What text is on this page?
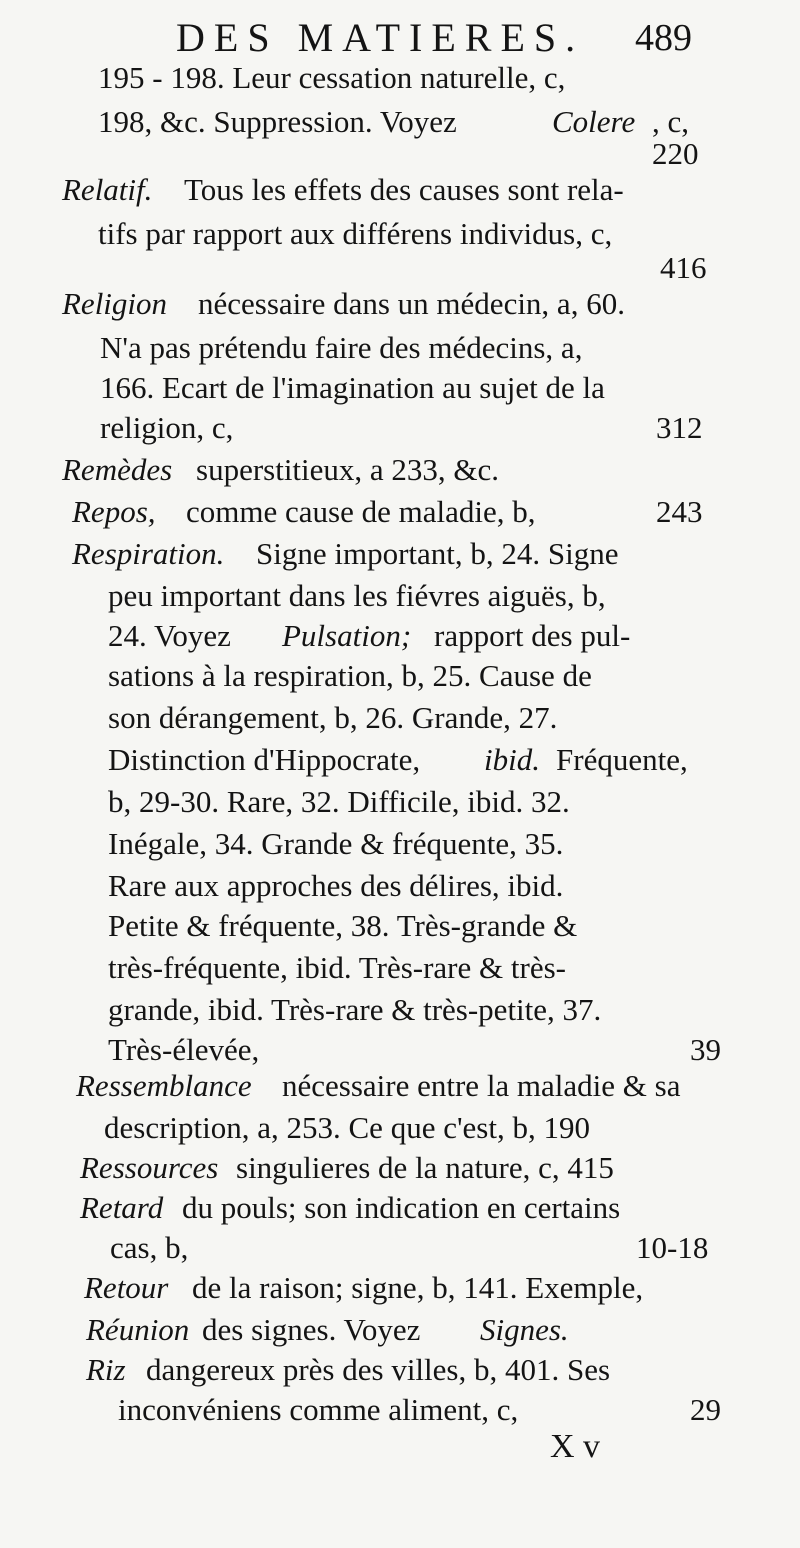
DES MATIERES. 489
195 - 198. Leur cessation naturelle, c,
198, &c. Suppression. Voyez	Colere , c,
220
Relatif. Tous les effets des causes sont rela-
tifs par rapport aux différens individus, c,
416
Religion nécessaire dans un médecin, a, 60.
N'a pas prétendu faire des médecins, a,
166. Ecart de l'imagination au sujet de la
religion, c,	312
Remèdes superstitieux, a 233, &c.
Repos, comme cause de maladie, b,	243
Respiration. Signe important, b, 24. Signe
peu important dans les fiévres aiguës, b,
24. Voyez Pulsation; rapport des pul-
sations à la respiration, b, 25. Cause de
son dérangement, b, 26. Grande, 27.
Distinction d'Hippocrate, ibid. Fréquente,
b, 29-30. Rare, 32. Difficile, ibid. 32.
Inégale, 34. Grande & fréquente, 35.
Rare aux approches des délires, ibid.
Petite & fréquente, 38. Très-grande &
très-fréquente, ibid. Très-rare & très-
grande, ibid. Très-rare & très-petite, 37.
Très-élevée,	39
Ressemblance nécessaire entre la maladie & sa
description, a, 253. Ce que c'est, b, 190
Ressources singulieres de la nature, c, 415
Retard du pouls; son indication en certains
cas, b,	10-18
Retour de la raison; signe, b, 141. Exemple,
Réunion des signes. Voyez Signes.
Riz dangereux près des villes, b, 401. Ses
inconvéniens comme aliment, c,	29
X v
